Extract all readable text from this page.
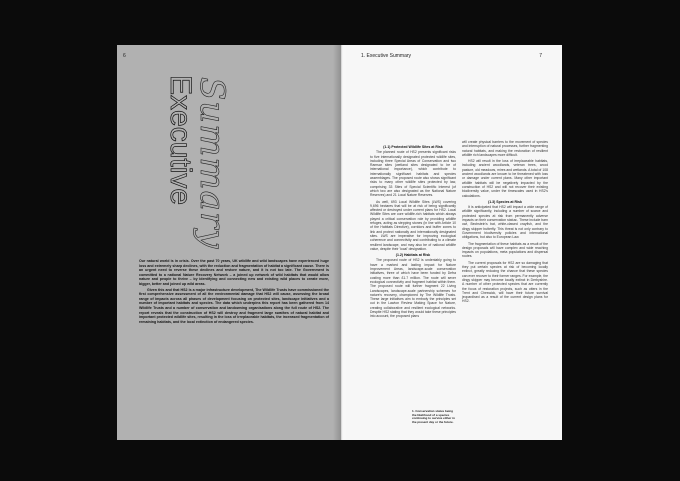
6
Executive
Summary

Our natural world is in crisis. Over the past 70 years, UK wildlife and wild landscapes have experienced huge loss and extremely sharp declines, with the reduction and fragmentation of habitat a significant cause. There is an urgent need to reverse these declines and restore nature, and it is not too late. The Government is committed to a national Nature Recovery Network – a joined up network of wild habitats that would allow nature and people to thrive – by identifying and connecting new and existing wild places to create more, bigger, better and joined up wild areas.

Given this and that HS2 is a major infrastructure development, The Wildlife Trusts have commissioned the first comprehensive assessment of all the environmental damage that HS2 will cause, assessing the broad range of impacts across all phases of development focusing on protected sites, landscape initiatives and a number of important habitats and species. The data which underpins this report has been gathered from 14 Wildlife Trusts and a number of conservation and landowning organisations along the full route of HS2. The report reveals that the construction of HS2 will destroy and fragment large swathes of natural habitat and important protected wildlife sites, resulting in the loss of irreplaceable habitats, the increased fragmentation of remaining habitats, and the local extinction of endangered species.

1. Executive Summary	7
(1.1) Protected Wildlife Sites at Risk

The planned route of HS2 presents significant risks to five internationally designated protected wildlife sites, including three Special Areas of Conservation and two Ramsar sites (wetland sites designated to be of international importance), which contribute to internationally significant habitats and species assemblages. The proposed route also shows significant risks to many other wildlife sites protected by law, comprising 33 Sites of Special Scientific Interest (of which two are also designated as the National Nature Reserves) and 21 Local Nature Reserves.

As well, 693 Local Wildlife Sites (LWS) covering 9,696 hectares that will be at risk of being significantly affected or destroyed under current plans for HS2. Local Wildlife Sites are core wildlife-rich habitats which always played a critical conservation role by providing wildlife refuges, acting as stepping stones (in line with Article 10 of the Habitats Directive), corridors and buffer zones to link and protect nationally and internationally designated sites. LWS are imperative for improving ecological coherence and connectivity and contributing to a climate resilient landscape, and may also be of national wildlife value, despite their 'local' designation.

(1.2) Habitats at Risk

The proposed route of HS2 is undeniably going to have a marked and lasting impact for Nature Improvement Areas, landscape-scale conservation initiatives, three of which have been funded by Defra costing more than £1.7 million. The route will sever ecological connectivity and fragment habitat within them. The proposed route will further fragment 22 Living Landscapes, landscape-scale partnership schemes for nature's recovery, championed by The Wildlife Trusts. These large initiatives aim to embody the principles set out in the Lawton Review Making Space for Nature, creating collaborative and resilient ecological networks. Despite HS2 stating that they would take these principles into account, the proposed plans

will create physical barriers to the movement of species and interruption of natural processes, further fragmenting natural habitats, and making the restoration of resilient wildlife rich landscapes more difficult.

HS2 will result in the loss of irreplaceable habitats, including ancient woodlands, veteran trees, wood pasture, old meadows, mires and wetlands. A total of 108 ancient woodlands are known to be threatened with loss or damage under current plans. Many other important wildlife habitats will be negatively impacted by the construction of HS2 and will not recover their existing biodiversity value, under the timescales used in HS2's calculations.

(1.3) Species at Risk

It is anticipated that HS2 will impact a wide range of wildlife significantly, including a number of scarce and protected species at risk from permanently adverse impacts on their conservation status¹. These include barn owl, Bechstein's bat, white-clawed crayfish, and the dingy skipper butterfly. This threat is not only contrary to Government biodiversity policies and international obligations, but also to European Law.

The fragmentation of these habitats as a result of the design proposals will have complex and wide reaching impacts on populations, meta populations and dispersal routes.

The current proposals for HS2 are so damaging that they put certain species at risk of becoming locally extinct, greatly reducing the chance that these species can ever recover to their former ranges. For example, the dingy skipper may become locally extinct in Derbyshire. A number of other protected species that are currently the focus of restoration projects, such as otters in the Trent and Cheswick, will have their future survival jeopardised as a result of the current design plans for HS2.

1. Conservation status being the likelihood of a species continuing to survive either in the present day or the future.
